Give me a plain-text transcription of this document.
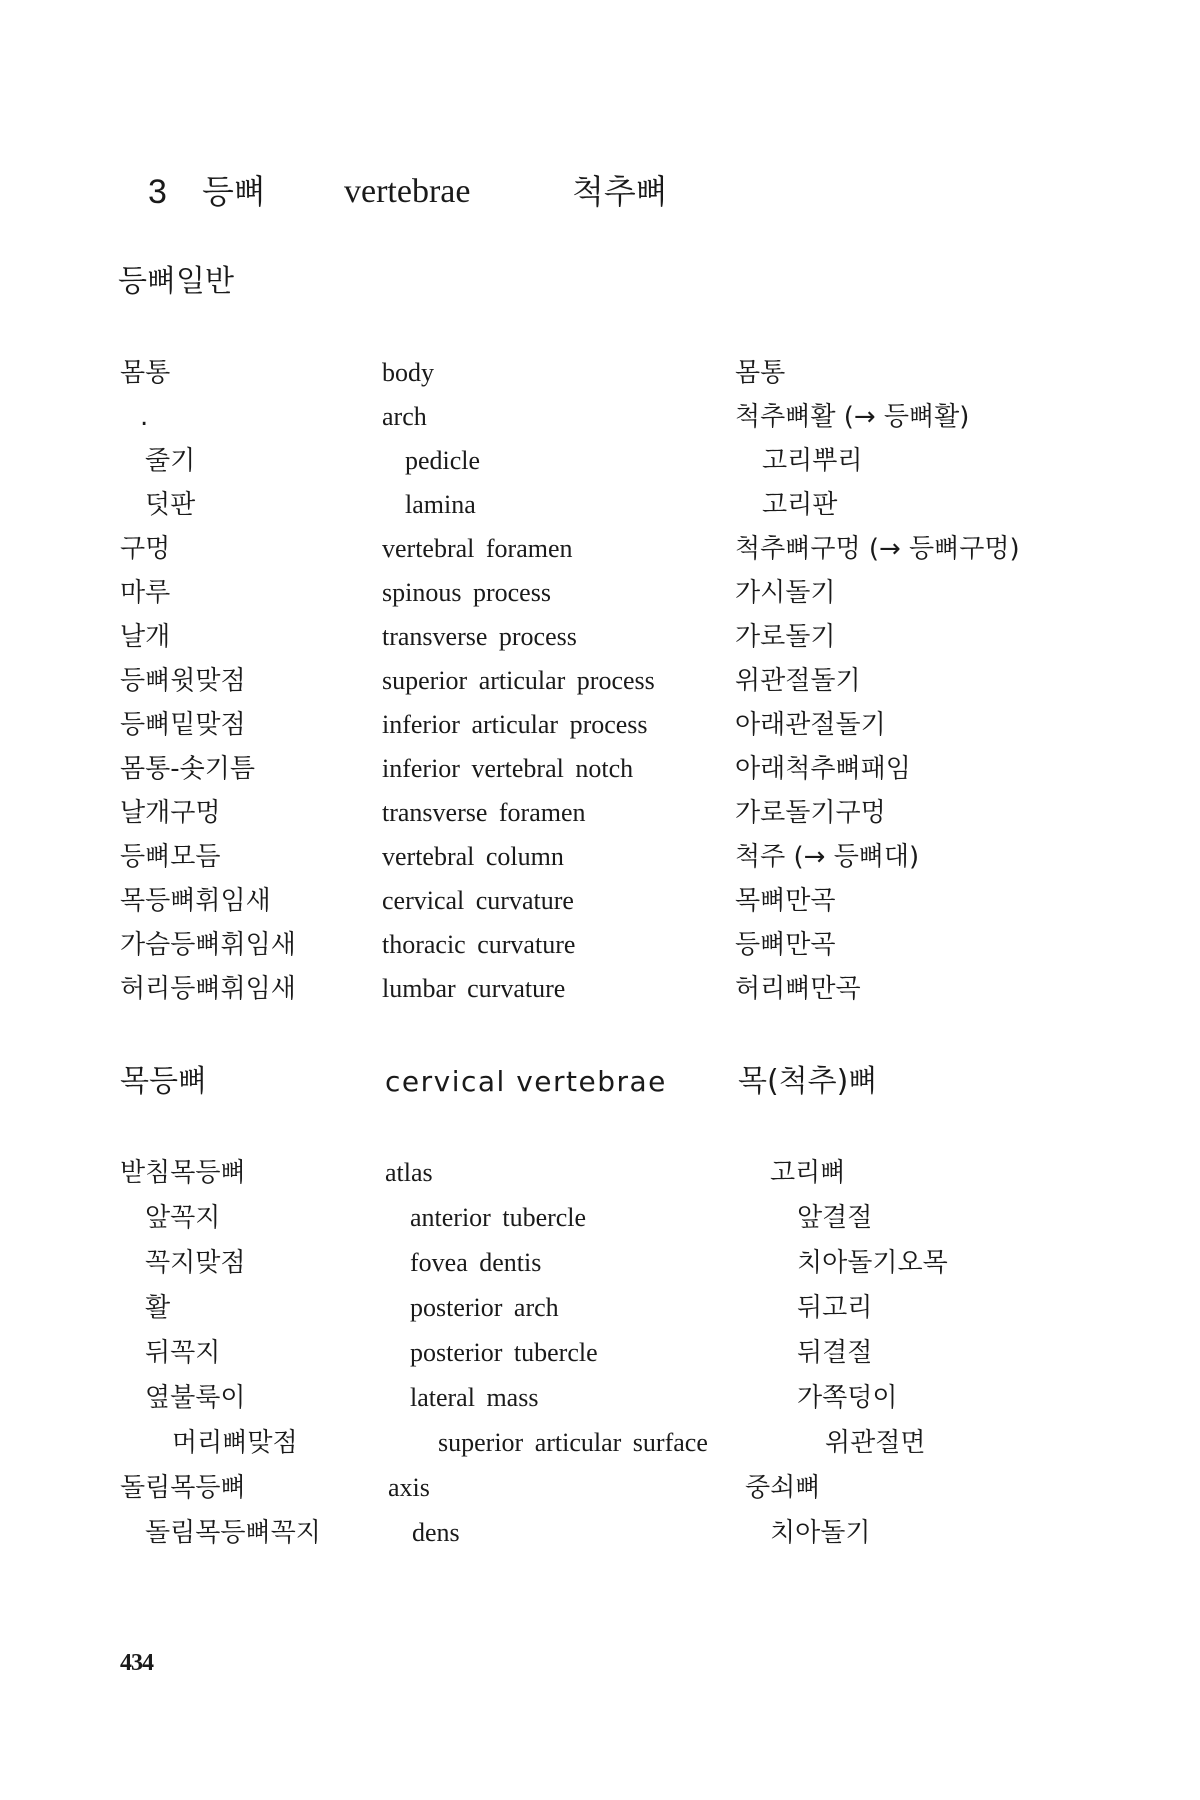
3 등뼈 vertebrae	척추뼈
등뼈일반
몸통	body	몸통
.	arch	척추뼈활 (→ 등뼈활)
줄기	pedicle	고리뿌리
덧판	lamina	고리판
구멍	vertebral foramen	척추뼈구멍 (→ 등뼈구멍)
마루	spinous process	가시돌기
날개	transverse process	가로돌기
등뼈윗맞점	superior articular process	위관절돌기
등뼈밑맞점	inferior articular process	아래관절돌기
몸통-솟기틈	inferior vertebral notch	아래척추뼈패임
날개구멍	transverse foramen	가로돌기구멍
등뼈모듬	vertebral column	척주 (→ 등뼈대)
목등뼈휘임새	cervical curvature	목뼈만곡
가슴등뼈휘임새	thoracic curvature	등뼈만곡
허리등뼈휘임새	lumbar curvature	허리뼈만곡
목등뼈	cervical vertebrae 목(척추)뼈
받침목등뼈	atlas	고리뼈
앞꼭지	anterior tubercle	앞결절
꼭지맞점	fovea dentis	치아돌기오목
활	posterior arch	뒤고리
뒤꼭지	posterior tubercle	뒤결절
옆불룩이	lateral mass	가쪽덩이
머리뼈맞점	superior articular surface	위관절면
돌림목등뼈	axis	중쇠뼈
돌림목등뼈꼭지	dens	치아돌기
434
